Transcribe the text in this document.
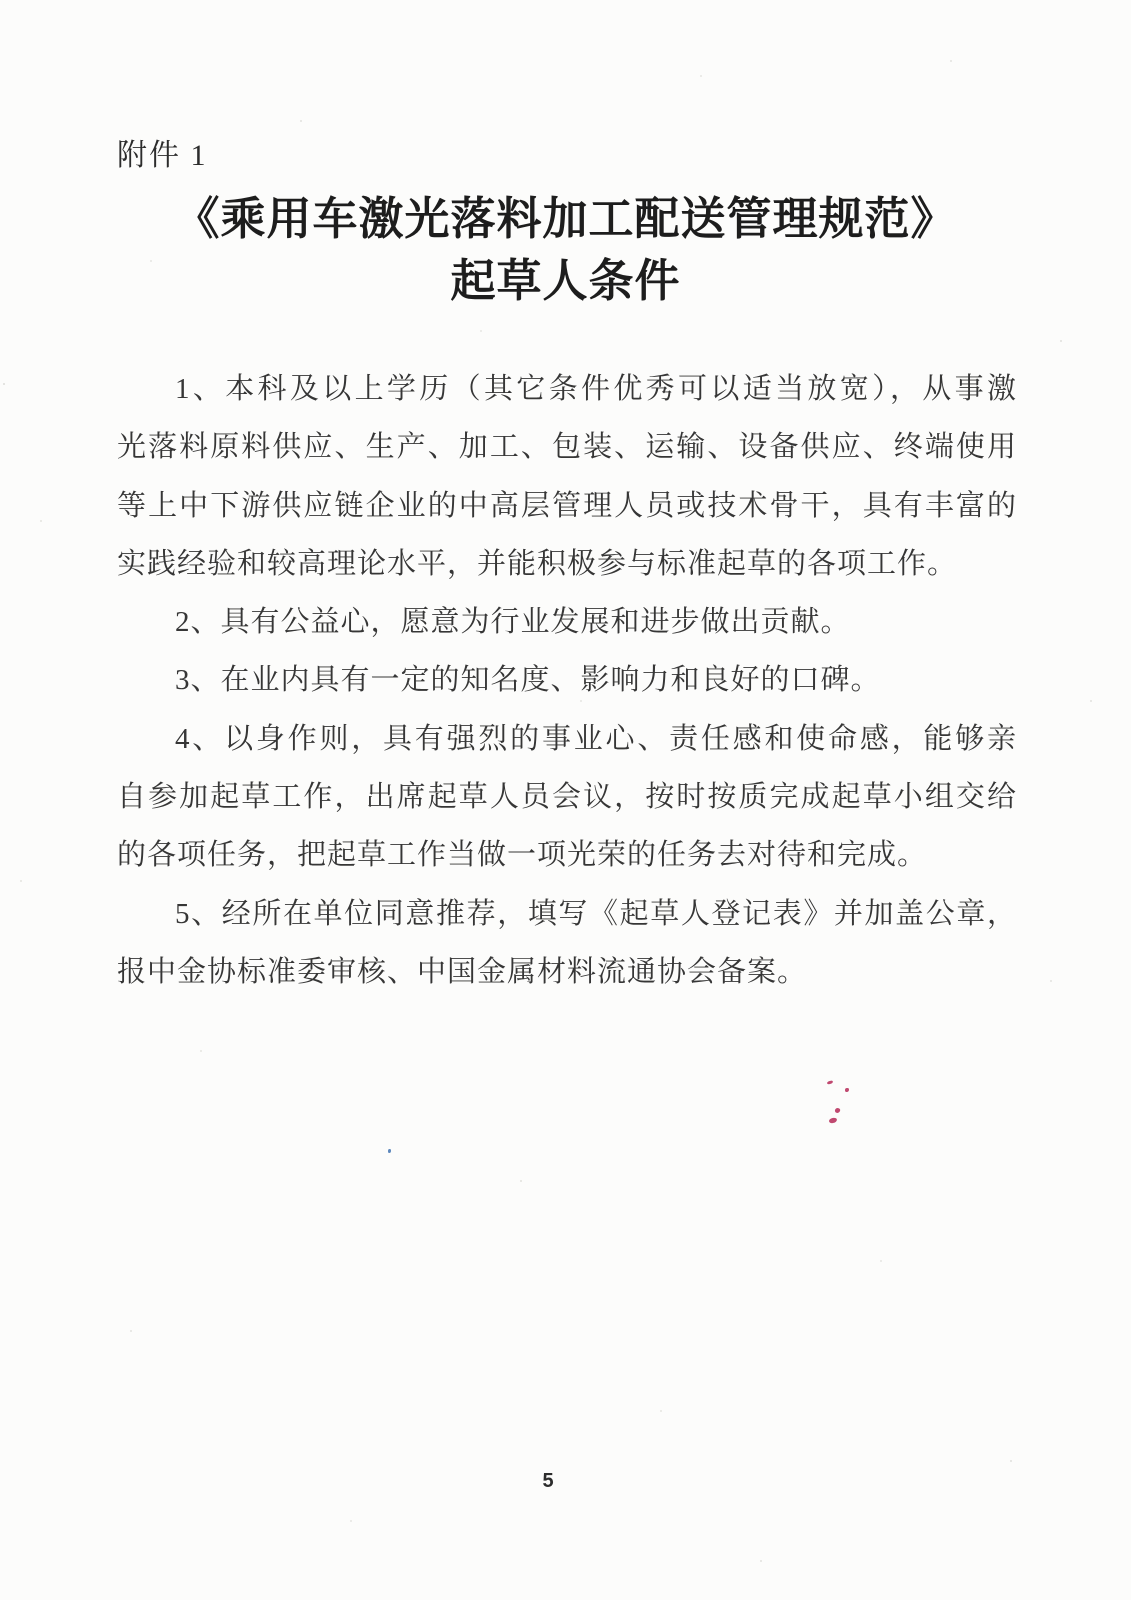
附件 1
《乘用车激光落料加工配送管理规范》
起草人条件
1、本科及以上学历（其它条件优秀可以适当放宽），从事激
光落料原料供应、生产、加工、包装、运输、设备供应、终端使用
等上中下游供应链企业的中高层管理人员或技术骨干，具有丰富的
实践经验和较高理论水平，并能积极参与标准起草的各项工作。
2、具有公益心，愿意为行业发展和进步做出贡献。
3、在业内具有一定的知名度、影响力和良好的口碑。
4、以身作则，具有强烈的事业心、责任感和使命感，能够亲
自参加起草工作，出席起草人员会议，按时按质完成起草小组交给
的各项任务，把起草工作当做一项光荣的任务去对待和完成。
5、经所在单位同意推荐，填写《起草人登记表》并加盖公章，
报中金协标准委审核、中国金属材料流通协会备案。
5
